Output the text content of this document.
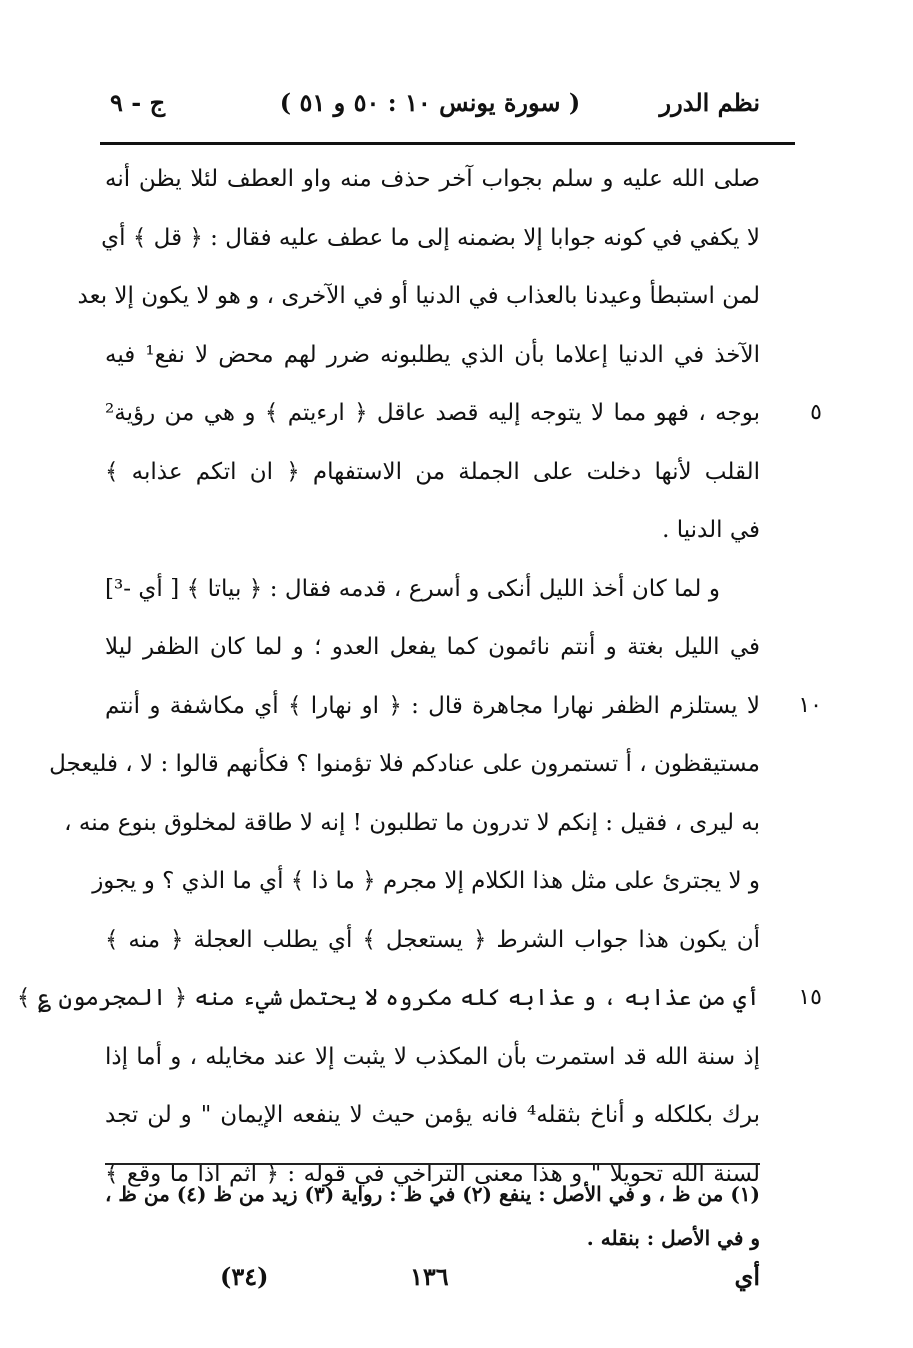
نظم الدرر
( سورة يونس ١٠ : ٥٠ و ٥١ )
ج - ٩
صلى الله عليه و سلم بجواب آخر حذف منه واو العطف لئلا يظن أنه
لا يكفي في كونه جوابا إلا بضمنه إلى ما عطف عليه فقال : ﴿ قل ﴾ أي
لمن استبطأ وعيدنا بالعذاب في الدنيا أو في الآخرى ، و هو لا يكون إلا بعد
الآخذ في الدنيا إعلاما بأن الذي يطلبونه ضرر لهم محض لا نفع¹ فيه
بوجه ، فهو مما لا يتوجه إليه قصد عاقل ﴿ ارءيتم ﴾ و هي من رؤية² ٥
القلب لأنها دخلت على الجملة من الاستفهام ﴿ ان اتكم عذابه ﴾
في الدنيا .
و لما كان أخذ الليل أنكى و أسرع ، قدمه فقال : ﴿ بياتا ﴾ [ أي -³]
في الليل بغتة و أنتم نائمون كما يفعل العدو ؛ و لما كان الظفر ليلا
لا يستلزم الظفر نهارا مجاهرة قال : ﴿ او نهارا ﴾ أي مكاشفة و أنتم ١٠
مستيقظون ، أ تستمرون على عنادكم فلا تؤمنوا ؟ فكأنهم قالوا : لا ، فليعجل
به ليرى ، فقيل : إنكم لا تدرون ما تطلبون ! إنه لا طاقة لمخلوق بنوع منه ،
و لا يجترئ على مثل هذا الكلام إلا مجرم ﴿ ما ذا ﴾ أي ما الذي ؟ و يجوز
أن يكون هذا جواب الشرط ﴿ يستعجل ﴾ أي يطلب العجلة ﴿ منه ﴾
أي من عذابه ، و عذابه كله مكروه لا يحتمل شيء منه ﴿ المجرمون ؏ ﴾ ١٥
إذ سنة الله قد استمرت بأن المكذب لا يثبت إلا عند مخايله ، و أما إذا
برك بكلكله و أناخ بثقله⁴ فانه يؤمن حيث لا ينفعه الإيمان " و لن تجد
لسنة الله تحويلا " و هذا معنى التراخي في قوله : ﴿ اثم اذا ما وقع ﴾
(١) من ظ ، و في الأصل : ينفع (٢) في ظ : رواية (٣) زيد من ظ (٤) من ظ ،
و في الأصل : بنقله .
أي
١٣٦
(٣٤)
